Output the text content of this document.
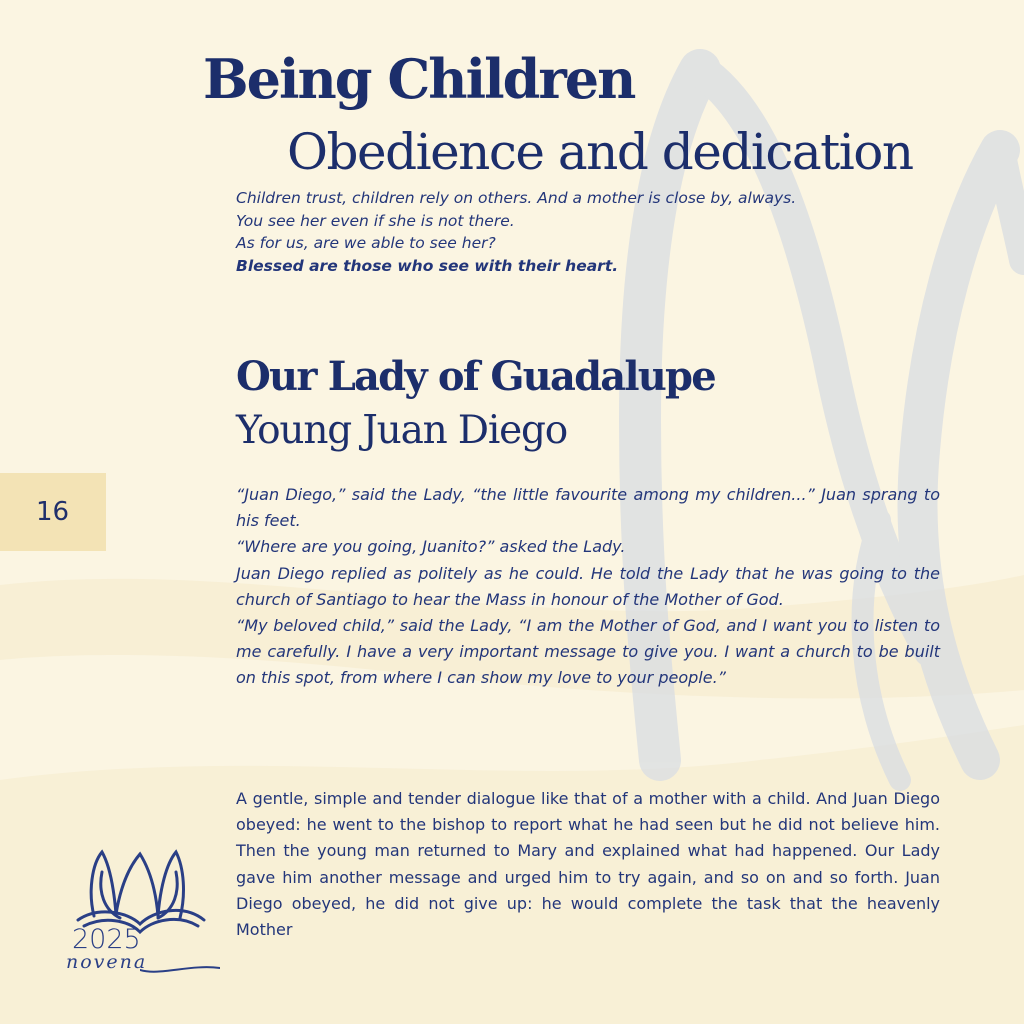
Being Children
Obedience and dedication

Children trust, children rely on others. And a mother is close by, always.

You see her even if she is not there.

As for us, are we able to see her?

Blessed are those who see with their heart.

Our Lady of Guadalupe
Young Juan Diego
16

“Juan Diego,” said the Lady, “the little favourite among my children...” Juan sprang to his feet.

“Where are you going, Juanito?” asked the Lady.

Juan Diego replied as politely as he could. He told the Lady that he was going to the church of Santiago to hear the Mass in honour of the Mother of God.

“My beloved child,” said the Lady, “I am the Mother of God, and I want you to listen to me carefully. I have a very important message to give you. I want a church to be built on this spot, from where I can show my love to your people.”

A gentle, simple and tender dialogue like that of a mother with a child. And Juan Diego obeyed: he went to the bishop to report what he had seen but he did not believe him. Then the young man returned to Mary and explained what had happened. Our Lady gave him another message and urged him to try again, and so on and so forth. Juan Diego obeyed, he did not give up: he would complete the task that the heavenly Mother

2025

novena
